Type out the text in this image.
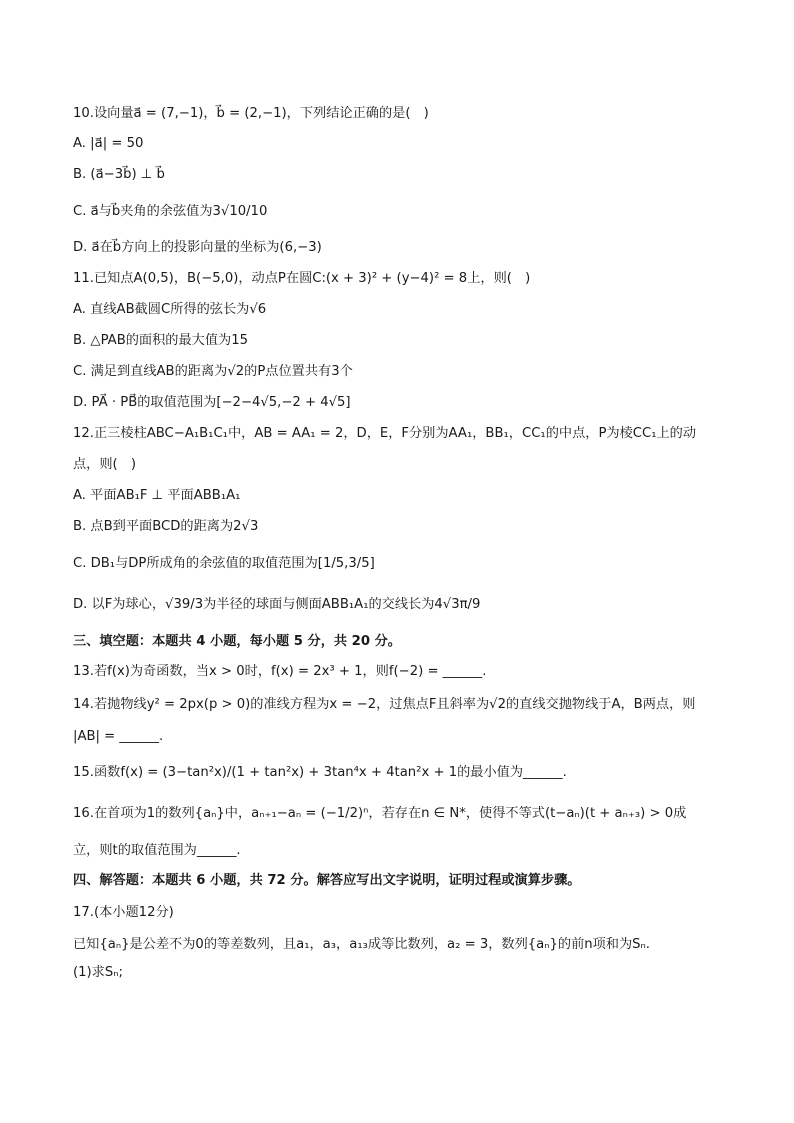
10.设向量a⃗ = (7,−1)，b⃗ = (2,−1)，下列结论正确的是(　)
A. |a⃗| = 50
B. (a⃗−3b⃗) ⊥ b⃗
C. a⃗与b⃗夹角的余弦值为3√10/10
D. a⃗在b⃗方向上的投影向量的坐标为(6,−3)
11.已知点A(0,5)，B(−5,0)，动点P在圆C:(x + 3)² + (y−4)² = 8上，则(　)
A. 直线AB截圆C所得的弦长为√6
B. △PAB的面积的最大值为15
C. 满足到直线AB的距离为√2的P点位置共有3个
D. PA⃗ · PB⃗的取值范围为[−2−4√5,−2 + 4√5]
12.正三棱柱ABC−A₁B₁C₁中，AB = AA₁ = 2，D，E，F分别为AA₁，BB₁，CC₁的中点，P为棱CC₁上的动
点，则(　)
A. 平面AB₁F ⊥ 平面ABB₁A₁
B. 点B到平面BCD的距离为2√3
C. DB₁与DP所成角的余弦值的取值范围为[1/5,3/5]
D. 以F为球心，√39/3为半径的球面与侧面ABB₁A₁的交线长为4√3π/9
三、填空题：本题共 4 小题，每小题 5 分，共 20 分。
13.若f(x)为奇函数，当x > 0时，f(x) = 2x³ + 1，则f(−2) = ______.
14.若抛物线y² = 2px(p > 0)的准线方程为x = −2，过焦点F且斜率为√2的直线交抛物线于A，B两点，则
|AB| = ______.
15.函数f(x) = (3−tan²x)/(1 + tan²x) + 3tan⁴x + 4tan²x + 1的最小值为______.
16.在首项为1的数列{aₙ}中，aₙ₊₁−aₙ = (−1/2)ⁿ，若存在n ∈ N*，使得不等式(t−aₙ)(t + aₙ₊₃) > 0成
立，则t的取值范围为______.
四、解答题：本题共 6 小题，共 72 分。解答应写出文字说明，证明过程或演算步骤。
17.(本小题12分)
已知{aₙ}是公差不为0的等差数列，且a₁，a₃，a₁₃成等比数列，a₂ = 3，数列{aₙ}的前n项和为Sₙ.
(1)求Sₙ;
